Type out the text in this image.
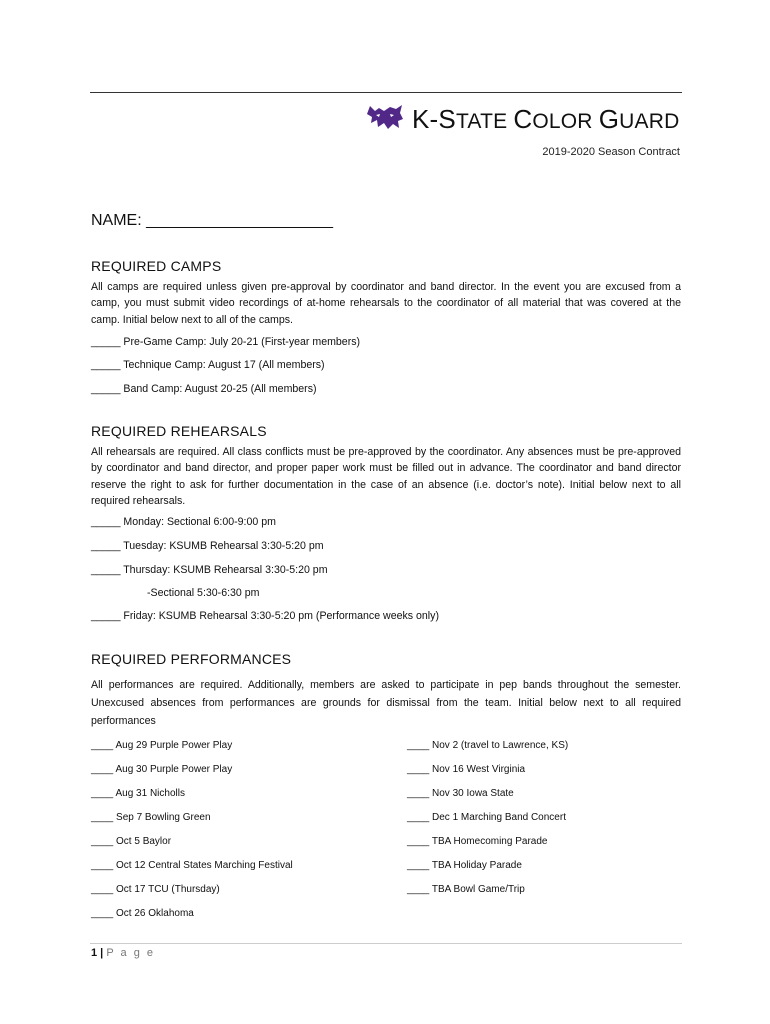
K-STATE COLOR GUARD
2019-2020 Season Contract
NAME: _____________________
REQUIRED CAMPS
All camps are required unless given pre-approval by coordinator and band director. In the event you are excused from a camp, you must submit video recordings of at-home rehearsals to the coordinator of all material that was covered at the camp. Initial below next to all of the camps.
_____ Pre-Game Camp: July 20-21 (First-year members)
_____ Technique Camp: August 17 (All members)
_____ Band Camp: August 20-25 (All members)
REQUIRED REHEARSALS
All rehearsals are required. All class conflicts must be pre-approved by the coordinator. Any absences must be pre-approved by coordinator and band director, and proper paper work must be filled out in advance. The coordinator and band director reserve the right to ask for further documentation in the case of an absence (i.e. doctor’s note). Initial below next to all required rehearsals.
_____ Monday: Sectional 6:00-9:00 pm
_____ Tuesday: KSUMB Rehearsal 3:30-5:20 pm
_____ Thursday: KSUMB Rehearsal 3:30-5:20 pm
-Sectional 5:30-6:30 pm
_____ Friday: KSUMB Rehearsal 3:30-5:20 pm (Performance weeks only)
REQUIRED PERFORMANCES
All performances are required. Additionally, members are asked to participate in pep bands throughout the semester. Unexcused absences from performances are grounds for dismissal from the team. Initial below next to all required performances
____ Aug 29 Purple Power Play
____ Aug 30 Purple Power Play
____ Aug 31 Nicholls
____ Sep 7 Bowling Green
____ Oct 5 Baylor
____ Oct 12 Central States Marching Festival
____ Oct 17 TCU (Thursday)
____ Oct 26 Oklahoma
____ Nov 2 (travel to Lawrence, KS)
____ Nov 16 West Virginia
____ Nov 30 Iowa State
____ Dec 1 Marching Band Concert
____ TBA Homecoming Parade
____ TBA Holiday Parade
____ TBA Bowl Game/Trip
1 | P a g e
